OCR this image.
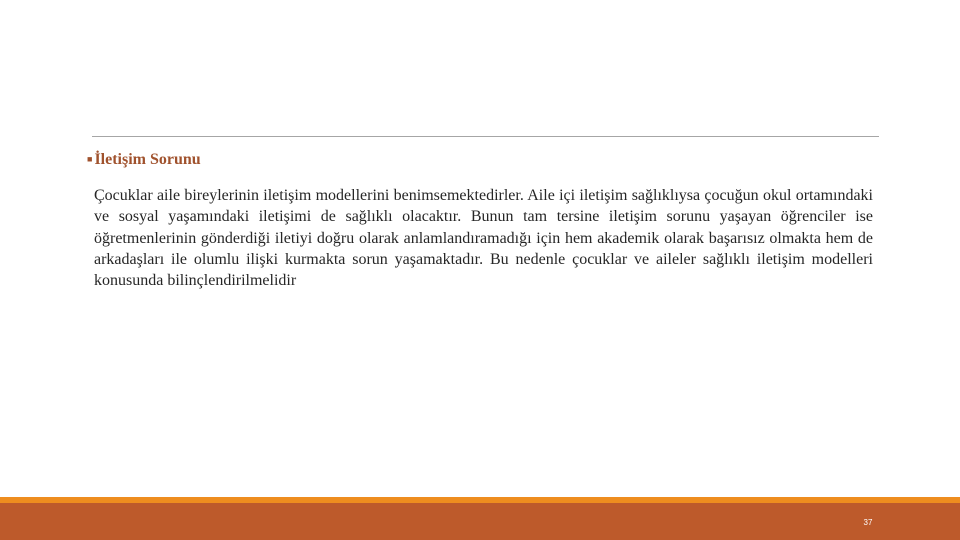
■ İletişim Sorunu

Çocuklar aile bireylerinin iletişim modellerini benimsemektedirler. Aile içi iletişim sağlıklıysa çocuğun okul ortamındaki ve sosyal yaşamındaki iletişimi de sağlıklı olacaktır. Bunun tam tersine iletişim sorunu yaşayan öğrenciler ise öğretmenlerinin gönderdiği iletiyi doğru olarak anlamlandıramadığı için hem akademik olarak başarısız olmakta hem de arkadaşları ile olumlu ilişki kurmakta sorun yaşamaktadır. Bu nedenle çocuklar ve aileler sağlıklı iletişim modelleri konusunda bilinçlendirilmelidir

37
